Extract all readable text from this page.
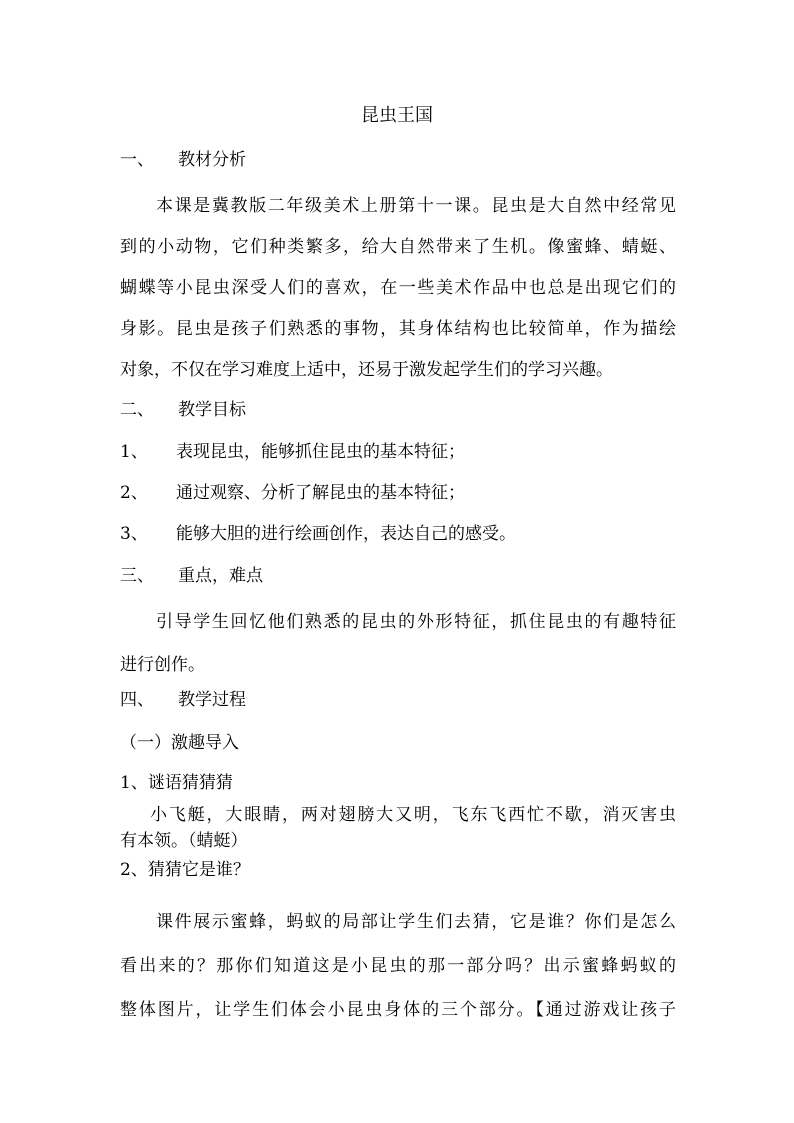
昆虫王国
一、 教材分析
本课是冀教版二年级美术上册第十一课。昆虫是大自然中经常见
到的小动物，它们种类繁多，给大自然带来了生机。像蜜蜂、蜻蜓、
蝴蝶等小昆虫深受人们的喜欢，在一些美术作品中也总是出现它们的
身影。昆虫是孩子们熟悉的事物，其身体结构也比较简单，作为描绘
对象，不仅在学习难度上适中，还易于激发起学生们的学习兴趣。
二、 教学目标
1、 表现昆虫，能够抓住昆虫的基本特征；
2、 通过观察、分析了解昆虫的基本特征；
3、 能够大胆的进行绘画创作，表达自己的感受。
三、 重点，难点
引导学生回忆他们熟悉的昆虫的外形特征，抓住昆虫的有趣特征
进行创作。
四、 教学过程
（一）激趣导入
1、谜语猜猜猜
小飞艇，大眼睛，两对翅膀大又明，飞东飞西忙不歇，消灭害虫
有本领。（蜻蜓）
2、猜猜它是谁？
课件展示蜜蜂，蚂蚁的局部让学生们去猜，它是谁？你们是怎么
看出来的？那你们知道这是小昆虫的那一部分吗？出示蜜蜂蚂蚁的
整体图片，让学生们体会小昆虫身体的三个部分。【通过游戏让孩子
